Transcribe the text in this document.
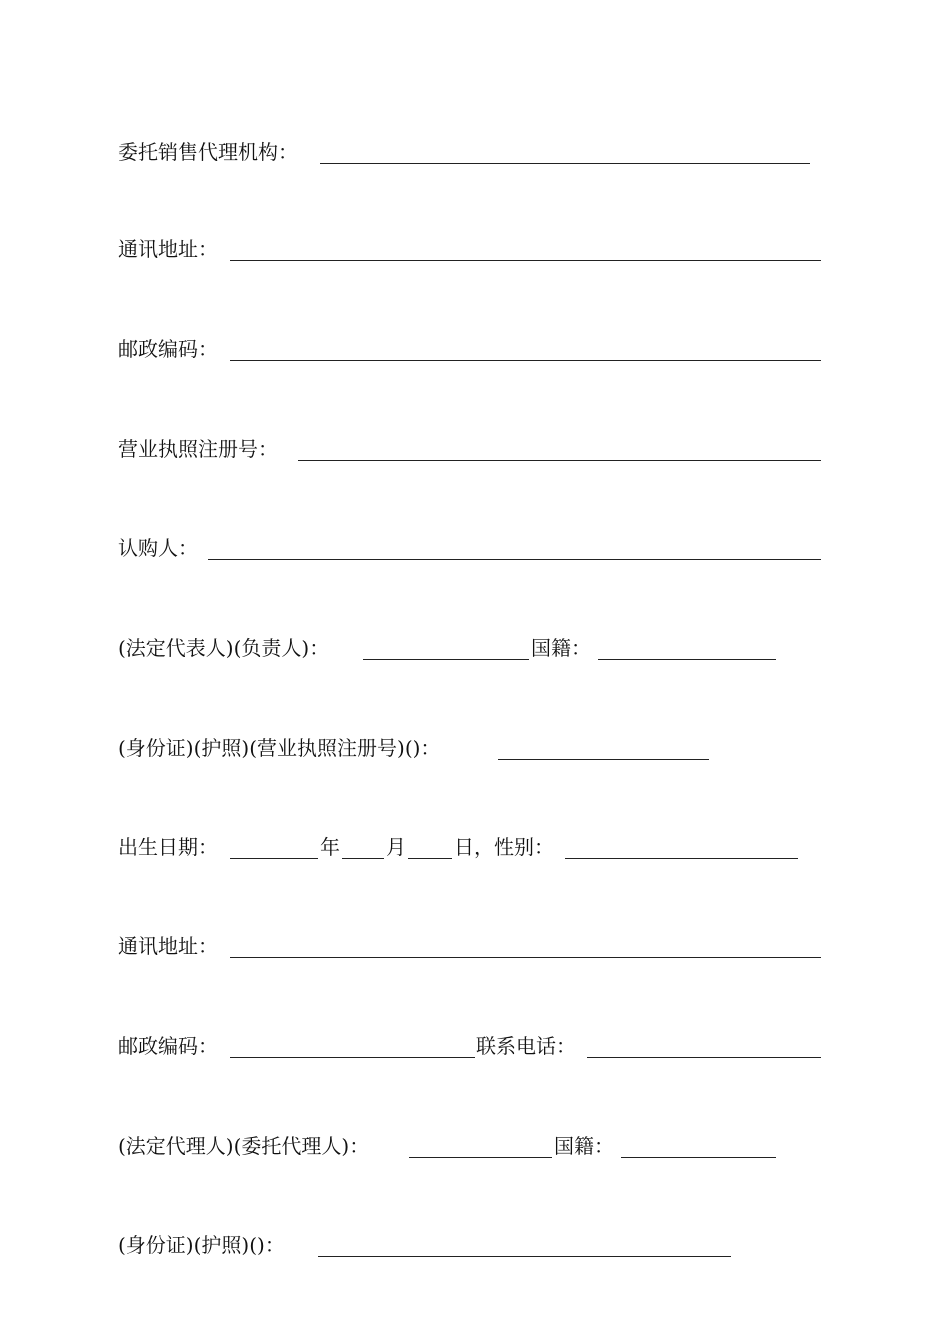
委托销售代理机构：
通讯地址：
邮政编码：
营业执照注册号：
认购人：
(法定代表人)(负责人)：	国籍：
(身份证)(护照)(营业执照注册号)()：
出生日期：	年 月 日，性别：
通讯地址：
邮政编码：	联系电话：
(法定代理人)(委托代理人)：	国籍：
(身份证)(护照)()：
